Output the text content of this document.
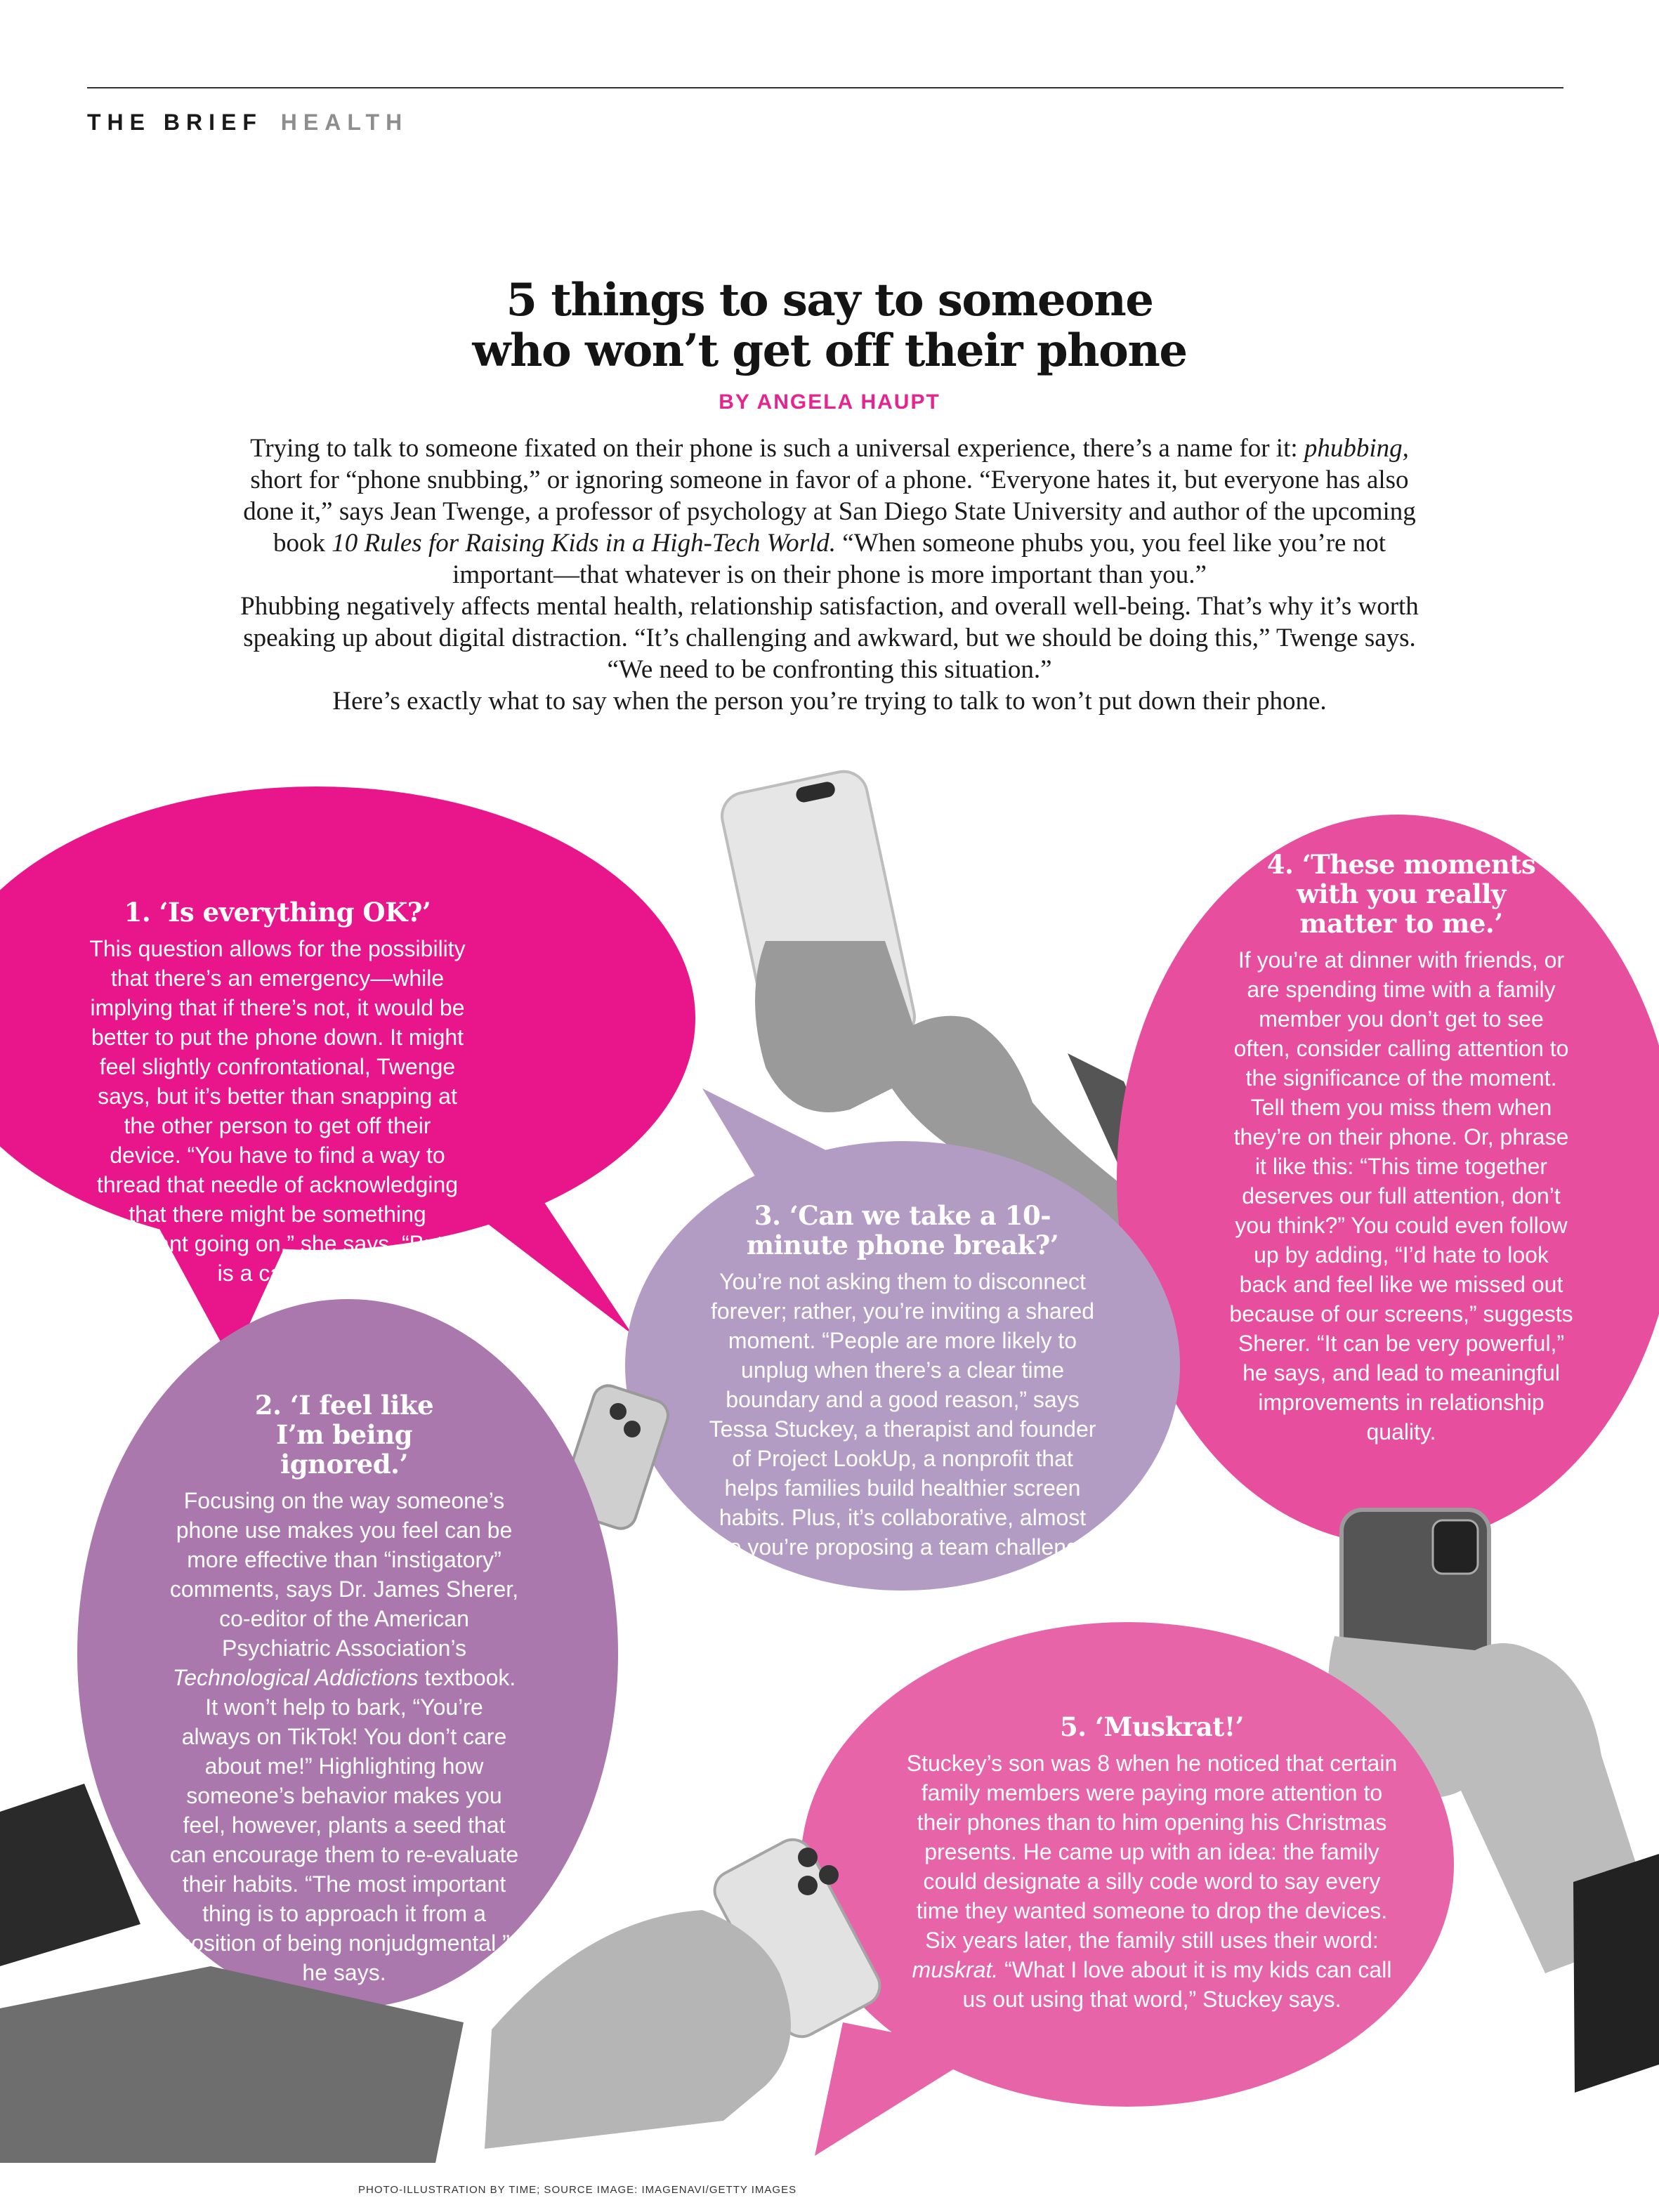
THE BRIEF HEALTH
5 things to say to someone
who won’t get off their phone
BY ANGELA HAUPT

Trying to talk to someone fixated on their phone is such a universal experience, there’s a name for it: phubbing, short for “phone snubbing,” or ignoring someone in favor of a phone. “Everyone hates it, but everyone has also done it,” says Jean Twenge, a professor of psychology at San Diego State University and author of the upcoming book 10 Rules for Raising Kids in a High-Tech World. “When someone phubs you, you feel like you’re not important—that whatever is on their phone is more important than you.”

Phubbing negatively affects mental health, relationship satisfaction, and overall well-being. That’s why it’s worth speaking up about digital distraction. “It’s challenging and awkward, but we should be doing this,” Twenge says. “We need to be confronting this situation.”

Here’s exactly what to say when the person you’re trying to talk to won’t put down their phone.

1. ‘Is everything OK?’

This question allows for the possibility that there’s an emergency—while implying that if there’s not, it would be better to put the phone down. It might feel slightly confrontational, Twenge says, but it’s better than snapping at the other person to get off their device. “You have to find a way to thread that needle of acknowledging that there might be something important going on,” she says. “But it is a callout.”

2. ‘I feel like I’m being ignored.’

Focusing on the way someone’s phone use makes you feel can be more effective than “instigatory” comments, says Dr. James Sherer, co-editor of the American Psychiatric Association’s Technological Addictions textbook. It won’t help to bark, “You’re always on TikTok! You don’t care about me!” Highlighting how someone’s behavior makes you feel, however, plants a seed that can encourage them to re-evaluate their habits. “The most important thing is to approach it from a position of being nonjudgmental,” he says.

3. ‘Can we take a 10-minute phone break?’

You’re not asking them to disconnect forever; rather, you’re inviting a shared moment. “People are more likely to unplug when there’s a clear time boundary and a good reason,” says Tessa Stuckey, a therapist and founder of Project LookUp, a nonprofit that helps families build healthier screen habits. Plus, it’s collaborative, almost like you’re proposing a team challenge.

4. ‘These moments with you really matter to me.’

If you’re at dinner with friends, or are spending time with a family member you don’t get to see often, consider calling attention to the significance of the moment. Tell them you miss them when they’re on their phone. Or, phrase it like this: “This time together deserves our full attention, don’t you think?” You could even follow up by adding, “I’d hate to look back and feel like we missed out because of our screens,” suggests Sherer. “It can be very powerful,” he says, and lead to meaningful improvements in relationship quality.

5. ‘Muskrat!’

Stuckey’s son was 8 when he noticed that certain family members were paying more attention to their phones than to him opening his Christmas presents. He came up with an idea: the family could designate a silly code word to say every time they wanted someone to drop the devices. Six years later, the family still uses their word: muskrat. “What I love about it is my kids can call us out using that word,” Stuckey says.

PHOTO-ILLUSTRATION BY TIME; SOURCE IMAGE: IMAGENAVI/GETTY IMAGES
